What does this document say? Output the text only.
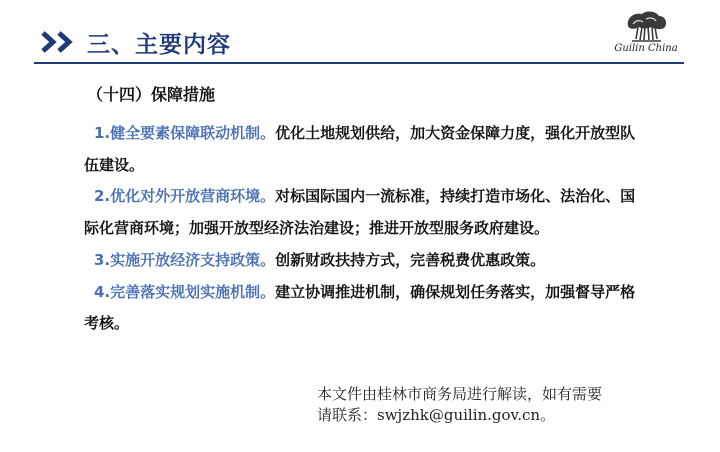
三、主要内容	Guilin China
（十四）保障措施

1.健全要素保障联动机制。优化土地规划供给，加大资金保障力度，强化开放型队伍建设。

2.优化对外开放营商环境。对标国际国内一流标准，持续打造市场化、法治化、国际化营商环境；加强开放型经济法治建设；推进开放型服务政府建设。

3.实施开放经济支持政策。创新财政扶持方式，完善税费优惠政策。

4.完善落实规划实施机制。建立协调推进机制，确保规划任务落实，加强督导严格考核。

本文件由桂林市商务局进行解读，如有需要
请联系：swjzhk@guilin.gov.cn。
